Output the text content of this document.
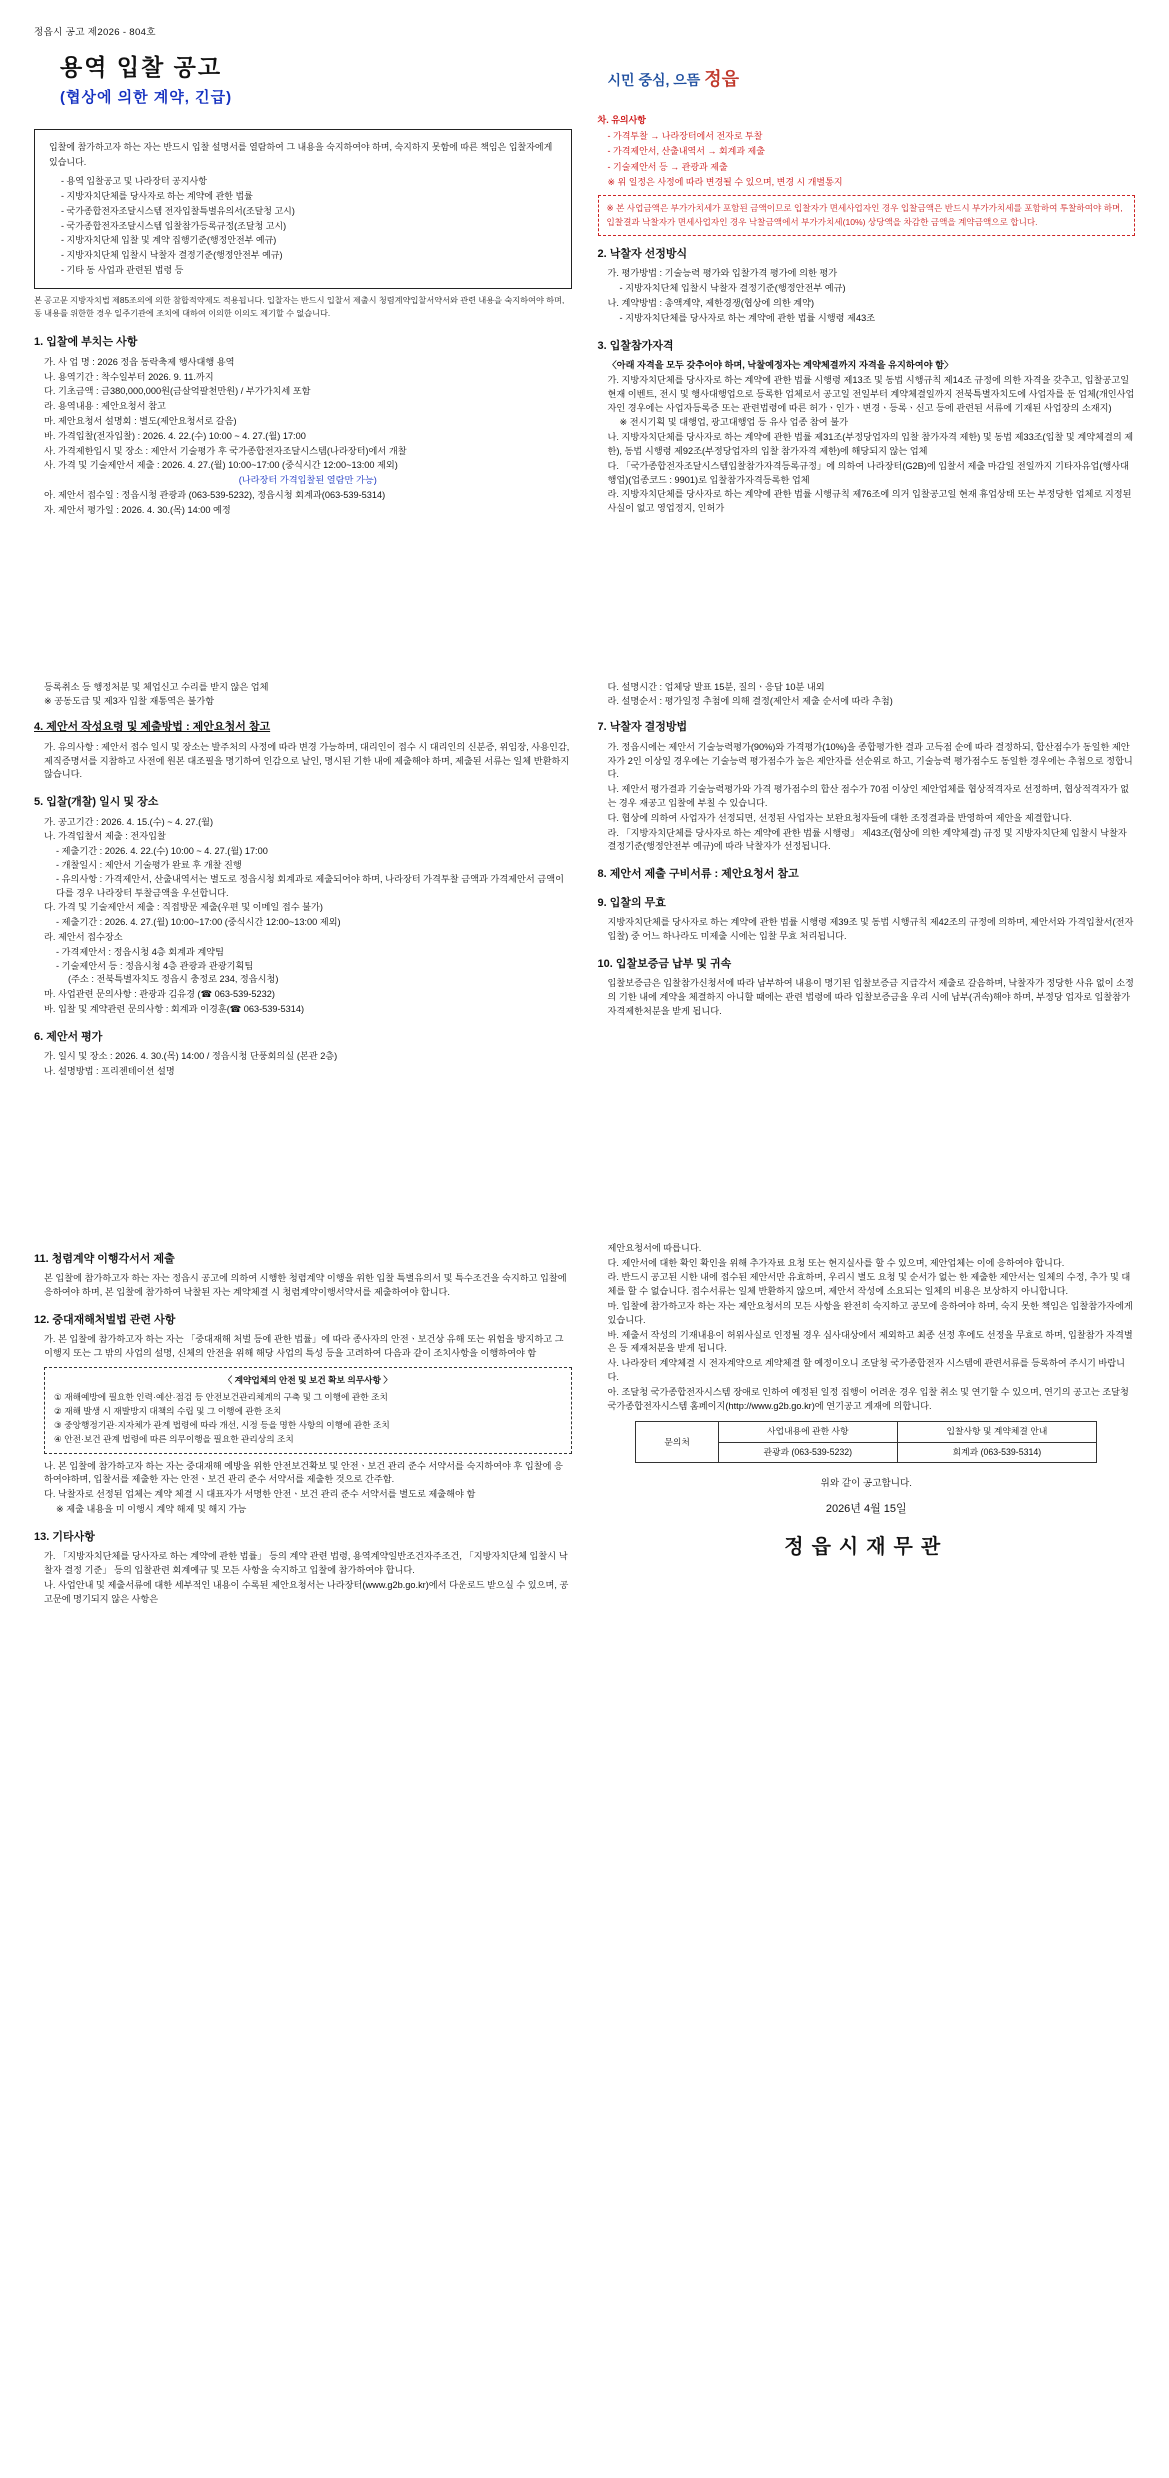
정읍시 공고 제2026 - 804호
용역 입찰 공고
(협상에 의한 계약, 긴급)
시민 중심, 으뜸 정읍
입찰에 참가하고자 하는 자는 반드시 입찰 설명서를 열람하여 그 내용을 숙지하여야 하며, 숙지하지 못함에 따른 책임은 입찰자에게 있습니다.
- 용역 입찰공고 및 나라장터 공지사항
- 지방자치단체를 당사자로 하는 계약에 관한 법률
- 국가종합전자조달시스템 전자입찰특별유의서(조달청 고시)
- 국가종합전자조달시스템 입찰참가등록규정(조달청 고시)
- 지방자치단체 입찰 및 계약 집행기준(행정안전부 예규)
- 지방자치단체 입찰시 낙찰자 결정기준(행정안전부 예규)
- 기타 동 사업과 관련된 법령 등
본 공고문 지방자치법 제85조의에 의한 참합적약제도 적용됩니다. 입찰자는 반드시 입찰서 제출시 청렴계약입찰서약서와 관련 내용을 숙지하여야 하며, 동 내용를 위한한 경우 일주기관에 조치에 대하여 이의한 이의도 제기할 수 없습니다.
1. 입찰에 부치는 사항
가. 사 업 명 : 2026 정읍 동락축제 행사대행 용역
나. 용역기간 : 착수일부터 2026. 9. 11.까지
다. 기초금액 : 금380,000,000원(금살억팔천만원) / 부가가치세 포함
라. 용역내용 : 제안요청서 참고
마. 제안요청서 설명회 : 별도(제안요청서로 갈음)
바. 가격입찰(전자입찰) : 2026. 4. 22.(수) 10:00 ~ 4. 27.(월) 17:00
사. 가격제한입시 및 장소 : 제안서 기술평가 후 국가종합전자조달시스템(나라장터)에서 개찰
사. 가격 및 기술제안서 제출 : 2026. 4. 27.(월) 10:00~17:00 (중식시간 12:00~13:00 제외)
(나라장터 가격입찰된 열람만 가능)
아. 제안서 접수일 : 정읍시청 관광과 (063-539-5232), 정읍시청 회계과(063-539-5314)
자. 제안서 평가일 : 2026. 4. 30.(목) 14:00 예정
차. 유의사항
- 가격투찰 → 나라장터에서 전자로 투찰
- 가격제안서, 산출내역서 → 회계과 제출
- 기술제안서 등 → 관광과 제출
※ 위 일정은 사정에 따라 변경될 수 있으며, 변경 시 개별통지
※ 본 사업금액은 부가가치세가 포함된 금액이므로 입찰자가 면세사업자인 경우 입찰금액은 반드시 부가가치세를 포함하여 투찰하여야 하며, 입찰결과 낙찰자가 면세사업자인 경우 낙찰금액에서 부가가치세(10%) 상당액을 차감한 금액을 계약금액으로 합니다.
2. 낙찰자 선정방식
가. 평가방법 : 기술능력 평가와 입찰가격 평가에 의한 평가
- 지방자치단체 입찰시 낙찰자 결정기준(행정안전부 예규)
나. 계약방법 : 총액계약, 제한경쟁(협상에 의한 계약)
- 지방자치단체를 당사자로 하는 계약에 관한 법률 시행령 제43조
3. 입찰참가자격
〈아래 자격을 모두 갖추어야 하며, 낙찰예정자는 계약체결까지 자격을 유지하여야 함〉
가. 지방자치단체를 당사자로 하는 계약에 관한 법률 시행령 제13조 및 동법 시행규칙 제14조 규정에 의한 자격을 갖추고, 입찰공고일 현재 이벤트, 전시 및 행사대행업으로 등록한 업체로서 공고일 전일부터 계약체결일까지 전북특별자치도에 사업자를 둔 업체(개인사업자인 경우에는 사업자등록증 또는 관련법령에 따른 허가ㆍ인가ㆍ변경ㆍ등록ㆍ신고 등에 관련된 서류에 기재된 사업장의 소재지)
※ 전시기획 및 대행업, 광고대행업 등 유사 업종 참여 불가
나. 지방자치단체를 당사자로 하는 계약에 관한 법률 제31조(부정당업자의 입찰 참가자격 제한) 및 동법 제33조(입찰 및 계약체결의 제한), 동법 시행령 제92조(부정당업자의 입찰 참가자격 제한)에 해당되지 않는 업체
다. 「국가종합전자조달시스템입찰참가자격등록규정」에 의하여 나라장터(G2B)에 입찰서 제출 마감일 전일까지 기타자유업(행사대행업)(업종코드 : 9901)로 입찰참가자격등록한 업체
라. 지방자치단체를 당사자로 하는 계약에 관한 법률 시행규칙 제76조에 의거 입찰공고일 현재 휴업상태 또는 부정당한 업체로 지정된 사실이 없고 영업정지, 인허가
등록취소 등 행정처분 및 체업신고 수리를 받지 않은 업체
※ 공동도급 및 제3자 입찰 재통역은 불가함
4. 제안서 작성요령 및 제출방법 : 제안요청서 참고
가. 유의사항 : 제안서 접수 일시 및 장소는 발주처의 사정에 따라 변경 가능하며, 대리인이 접수 시 대리인의 신분증, 위임장, 사용인감, 제직증명서를 지참하고 사전에 원본 대조필을 명기하여 인감으로 날인, 명시된 기한 내에 제출해야 하며, 제출된 서류는 일체 반환하지 않습니다.
5. 입찰(개찰) 일시 및 장소
가. 공고기간 : 2026. 4. 15.(수) ~ 4. 27.(월)
나. 가격입찰서 제출 : 전자입찰
- 제출기간 : 2026. 4. 22.(수) 10:00 ~ 4. 27.(월) 17:00
- 개찰일시 : 제안서 기술평가 완료 후 개찰 진행
- 유의사항 : 가격제안서, 산출내역서는 별도로 정읍시청 회계과로 제출되어야 하며, 나라장터 가격투찰 금액과 가격제안서 금액이 다를 경우 나라장터 투찰금액을 우선합니다.
다. 가격 및 기술제안서 제출 : 직접방문 제출(우편 및 이메일 접수 불가)
- 제출기간 : 2026. 4. 27.(월) 10:00~17:00 (중식시간 12:00~13:00 제외)
라. 제안서 접수장소
- 가격제안서 : 정읍시청 4층 회계과 계약팀
- 기술제안서 등 : 정읍시청 4층 관광과 관광기획팀
(주소 : 전북특별자치도 정읍시 충정로 234, 정읍시청)
마. 사업관련 문의사항 : 관광과 김유경 (☎ 063-539-5232)
바. 입찰 및 계약관련 문의사항 : 회계과 이경훈(☎ 063-539-5314)
6. 제안서 평가
가. 일시 및 장소 : 2026. 4. 30.(목) 14:00 / 정읍시청 단풍회의실 (본관 2층)
나. 설명방법 : 프리젠테이션 설명
다. 설명시간 : 업체당 발표 15분, 질의ㆍ응답 10분 내외
라. 설명순서 : 평가일정 추첨에 의해 결정(제안서 제출 순서에 따라 추첨)
7. 낙찰자 결정방법
가. 정읍시에는 제안서 기술능력평가(90%)와 가격평가(10%)을 종합평가한 결과 고득점 순에 따라 결정하되, 합산점수가 동일한 제안자가 2인 이상일 경우에는 기술능력 평가점수가 높은 제안자를 선순위로 하고, 기술능력 평가점수도 동일한 경우에는 추첨으로 정합니다.
나. 제안서 평가결과 기술능력평가와 가격 평가점수의 합산 점수가 70점 이상인 제안업체를 협상적격자로 선정하며, 협상적격자가 없는 경우 재공고 입찰에 부칠 수 있습니다.
다. 협상에 의하여 사업자가 선정되면, 선정된 사업자는 보완요청자들에 대한 조정결과를 반영하여 제안을 제결합니다.
라. 「지방자치단체를 당사자로 하는 계약에 관한 법률 시행령」 제43조(협상에 의한 계약체결) 규정 및 지방자치단체 입찰시 낙찰자 결정기준(행정안전부 예규)에 따라 낙찰자가 선정됩니다.
8. 제안서 제출 구비서류 : 제안요청서 참고
9. 입찰의 무효
지방자치단체를 당사자로 하는 계약에 관한 법률 시행령 제39조 및 동법 시행규칙 제42조의 규정에 의하며, 제안서와 가격입찰서(전자입찰) 중 어느 하나라도 미제출 시에는 입찰 무효 처리됩니다.
10. 입찰보증금 납부 및 귀속
입찰보증금은 입찰참가신청서에 따라 납부하여 내용이 명기된 입찰보증금 지급각서 제출로 갈음하며, 낙찰자가 정당한 사유 없이 소정의 기한 내에 계약을 체결하지 아니할 때에는 관련 법령에 따라 입찰보증금을 우리 시에 납부(귀속)해야 하며, 부정당 업자로 입찰참가자격제한처분을 받게 됩니다.
11. 청렴계약 이행각서서 제출
본 입찰에 참가하고자 하는 자는 정읍시 공고에 의하여 시행한 청렴계약 이행을 위한 입찰 특별유의서 및 특수조건을 숙지하고 입찰에 응하여야 하며, 본 입찰에 참가하여 낙찰된 자는 계약체결 시 청렴계약이행서약서를 제출하여야 합니다.
12. 중대재해처벌법 관련 사항
가. 본 입찰에 참가하고자 하는 자는 「중대재해 처벌 등에 관한 법률」에 따라 종사자의 안전ㆍ보건상 유해 또는 위험을 방지하고 그 이행지 또는 그 밖의 사업의 설명, 신체의 안전을 위해 해당 사업의 특성 등을 고려하여 다음과 같이 조치사항을 이행하여야 함
〈 계약업체의 안전 및 보건 확보 의무사항 〉
① 재해예방에 필요한 인력·예산·점검 등 안전보건관리체계의 구축 및 그 이행에 관한 조치
② 재해 발생 시 재발방지 대책의 수립 및 그 이행에 관한 조치
③ 중앙행정기관·지자체가 관계 법령에 따라 개선, 시정 등을 명한 사항의 이행에 관한 조치
④ 안전·보건 관계 법령에 따른 의무이행을 필요한 관리상의 조치
나. 본 입찰에 참가하고자 하는 자는 중대재해 예방을 위한 안전보건확보 및 안전ㆍ보건 관리 준수 서약서를 숙지하여야 후 입찰에 응하여야하며, 입찰서를 제출한 자는 안전ㆍ보건 관리 준수 서약서를 제출한 것으로 간주함.
다. 낙찰자로 선정된 업체는 계약 체결 시 대표자가 서명한 안전ㆍ보건 관리 준수 서약서를 별도로 제출해야 함
※ 제출 내용을 미 이행시 계약 해제 및 해지 가능
13. 기타사항
가. 「지방자치단체를 당사자로 하는 계약에 관한 법률」 등의 계약 관련 법령, 용역계약일반조건자주조건, 「지방자치단체 입찰시 낙찰자 결정 기준」 등의 입찰관련 회계예규 및 모든 사항을 숙지하고 입찰에 참가하여야 합니다.
나. 사업안내 및 제출서류에 대한 세부적인 내용이 수록된 제안요청서는 나라장터(www.g2b.go.kr)에서 다운로드 받으실 수 있으며, 공고문에 명기되지 않은 사항은
제안요청서에 따릅니다.
다. 제안서에 대한 확인 확인을 위해 추가자료 요청 또는 현지실사를 할 수 있으며, 제안업체는 이에 응하여야 합니다.
라. 반드시 공고된 시한 내에 접수된 제안서만 유효하며, 우리시 별도 요청 및 순서가 없는 한 제출한 제안서는 일체의 수정, 추가 및 대체를 할 수 없습니다. 접수서류는 일체 반환하지 않으며, 제안서 작성에 소요되는 일체의 비용은 보상하지 아니합니다.
마. 입찰에 참가하고자 하는 자는 제안요청서의 모든 사항을 완전히 숙지하고 공모에 응하여야 하며, 숙지 못한 책임은 입찰참가자에게 있습니다.
바. 제출서 작성의 기재내용이 허위사실로 인정될 경우 심사대상에서 제외하고 최종 선정 후에도 선정을 무효로 하며, 입찰참가 자격별은 등 제재처분을 받게 됩니다.
사. 나라장터 계약체결 시 전자계약으로 계약체결 할 예정이오니 조달청 국가종합전자 시스템에 관련서류를 등록하여 주시기 바랍니다.
아. 조달청 국가종합전자시스템 장애로 인하여 예정된 일정 집행이 어려운 경우 입찰 취소 및 연기할 수 있으며, 연기의 공고는 조달청 국가종합전자시스템 홈페이지(http://www.g2b.go.kr)에 연기공고 게재에 의합니다.
문의처	사업내용에 관한 사항	입찰사항 및 계약체결 안내
	관광과 (063-539-5232)	회계과 (063-539-5314)
위와 같이 공고합니다.
2026년 4월 15일
정읍시재무관
